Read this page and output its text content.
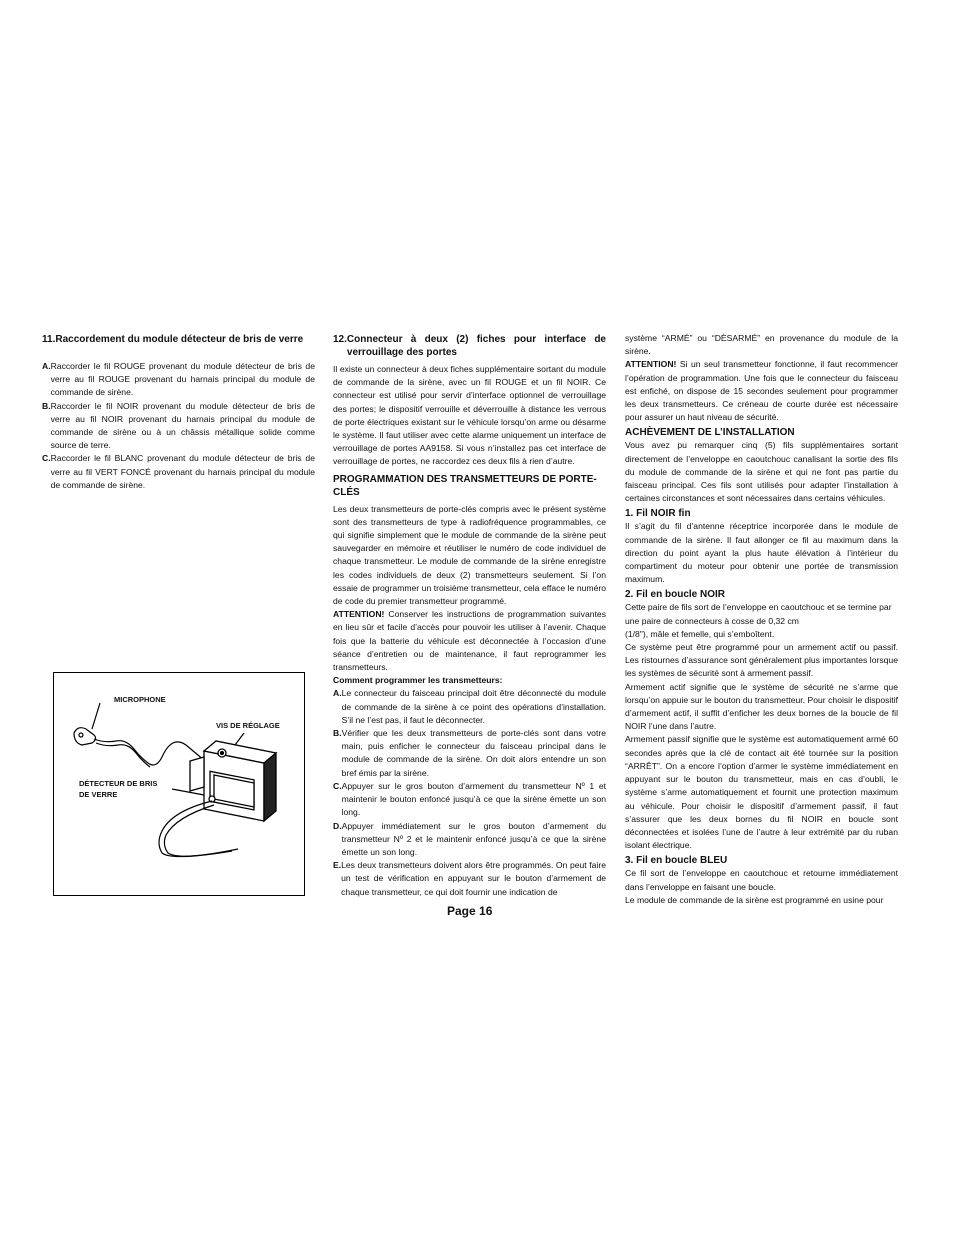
11. Raccordement du module détecteur de bris de verre
A. Raccorder le fil ROUGE provenant du module détecteur de bris de verre au fil ROUGE provenant du harnais principal du module de commande de sirène.
B. Raccorder le fil NOIR provenant du module détecteur de bris de verre au fil NOIR provenant du harnais principal du module de commande de sirène ou à un châssis métallique solide comme source de terre.
C. Raccorder le fil BLANC provenant du module détecteur de bris de verre au fil VERT FONCÉ provenant du harnais principal du module de commande de sirène.
MICROPHONE
VIS DE RÉGLAGE
DÉTECTEUR DE BRIS
DE VERRE
12. Connecteur à deux (2) fiches pour interface de verrouillage des portes

Il existe un connecteur à deux fiches supplémentaire sortant du module de commande de la sirène, avec un fil ROUGE et un fil NOIR. Ce connecteur est utilisé pour servir d’interface optionnel de verrouillage des portes; le dispositif verrouille et déverrouille à distance les verrous de porte électriques existant sur le véhicule lorsqu’on arme ou désarme le système. Il faut utiliser avec cette alarme uniquement un interface de verrouillage de portes AA9158. Si vous n’installez pas cet interface de verrouillage de portes, ne raccordez ces deux fils à rien d’autre.

PROGRAMMATION DES TRANSMETTEURS DE PORTE-CLÉS

Les deux transmetteurs de porte-clés compris avec le présent système sont des transmetteurs de type à radiofréquence programmables, ce qui signifie simplement que le module de commande de la sirène peut sauvegarder en mémoire et réutiliser le numéro de code individuel de chaque transmetteur. Le module de commande de la sirène enregistre les codes individuels de deux (2) transmetteurs seulement. Si l’on essaie de programmer un troisième transmetteur, cela efface le numéro de code du premier transmetteur programmé.

ATTENTION! Conserver les instructions de programmation suivantes en lieu sûr et facile d’accès pour pouvoir les utiliser à l’avenir. Chaque fois que la batterie du véhicule est déconnectée à l’occasion d’une séance d’entretien ou de maintenance, il faut reprogrammer les transmetteurs.

Comment programmer les transmetteurs:

A. Le connecteur du faisceau principal doit être déconnecté du module de commande de la sirène à ce point des opérations d’installation. S’il ne l’est pas, il faut le déconnecter.
B. Vérifier que les deux transmetteurs de porte-clés sont dans votre main, puis enficher le connecteur du faisceau principal dans le module de commande de la sirène. On doit alors entendre un son bref émis par la sirène.
C. Appuyer sur le gros bouton d’armement du transmetteur Nº 1 et maintenir le bouton enfoncé jusqu’à ce que la sirène émette un son long.
D. Appuyer immédiatement sur le gros bouton d’armement du transmetteur Nº 2 et le maintenir enfoncé jusqu’à ce que la sirène émette un son long.
E. Les deux transmetteurs doivent alors être programmés. On peut faire un test de vérification en appuyant sur le bouton d’armement de chaque transmetteur, ce qui doit fournir une indication de

système “ARMÉ” ou “DÈSARMÉ” en provenance du module de la sirène.

ATTENTION! Si un seul transmetteur fonctionne, il faut recommencer l’opération de programmation. Une fois que le connecteur du faisceau est enfiché, on dispose de 15 secondes seulement pour programmer les deux transmetteurs. Ce créneau de courte durée est nécessaire pour assurer un haut niveau de sécurité.

ACHÈVEMENT DE L’INSTALLATION

Vous avez pu remarquer cinq (5) fils supplémentaires sortant directement de l’enveloppe en caoutchouc canalisant la sortie des fils du module de commande de la sirène et qui ne font pas partie du faisceau principal. Ces fils sont utilisés pour adapter l’installation à certaines circonstances et sont nécessaires dans certains véhicules.

1. Fil NOIR fin

Il s’agit du fil d’antenne réceptrice incorporée dans le module de commande de la sirène. Il faut allonger ce fil au maximum dans la direction du point ayant la plus haute élévation à l’intérieur du compartiment du moteur pour obtenir une portée de transmission maximum.

2. Fil en boucle NOIR

Cette paire de fils sort de l’enveloppe en caoutchouc et se termine par une paire de connecteurs à cosse de 0,32 cm

(1/8"), mâle et femelle, qui s’emboîtent.

Ce système peut être programmé pour un armement actif ou passif. Les ristournes d’assurance sont généralement plus importantes lorsque les systèmes de sécurité sont à armement passif.

Armement actif signifie que le système de sécurité ne s’arme que lorsqu’on appuie sur le bouton du transmetteur. Pour choisir le dispositif d’armement actif, il suffit d’enficher les deux bornes de la boucle de fil NOIR l’une dans l’autre.

Armement passif signifie que le système est automatiquement armé 60 secondes après que la clé de contact ait été tournée sur la position “ARRÊT”. On a encore l’option d’armer le système immédiatement en appuyant sur le bouton du transmetteur, mais en cas d’oubli, le système s’arme automatiquement et fournit une protection maximum au véhicule. Pour choisir le dispositif d’armement passif, il faut s’assurer que les deux bornes du fil NOIR en boucle sont déconnectées et isolées l’une de l’autre à leur extrémité par du ruban isolant électrique.

3. Fil en boucle BLEU

Ce fil sort de l’enveloppe en caoutchouc et retourne immédiatement dans l’enveloppe en faisant une boucle.

Le module de commande de la sirène est programmé en usine pour

Page 16
